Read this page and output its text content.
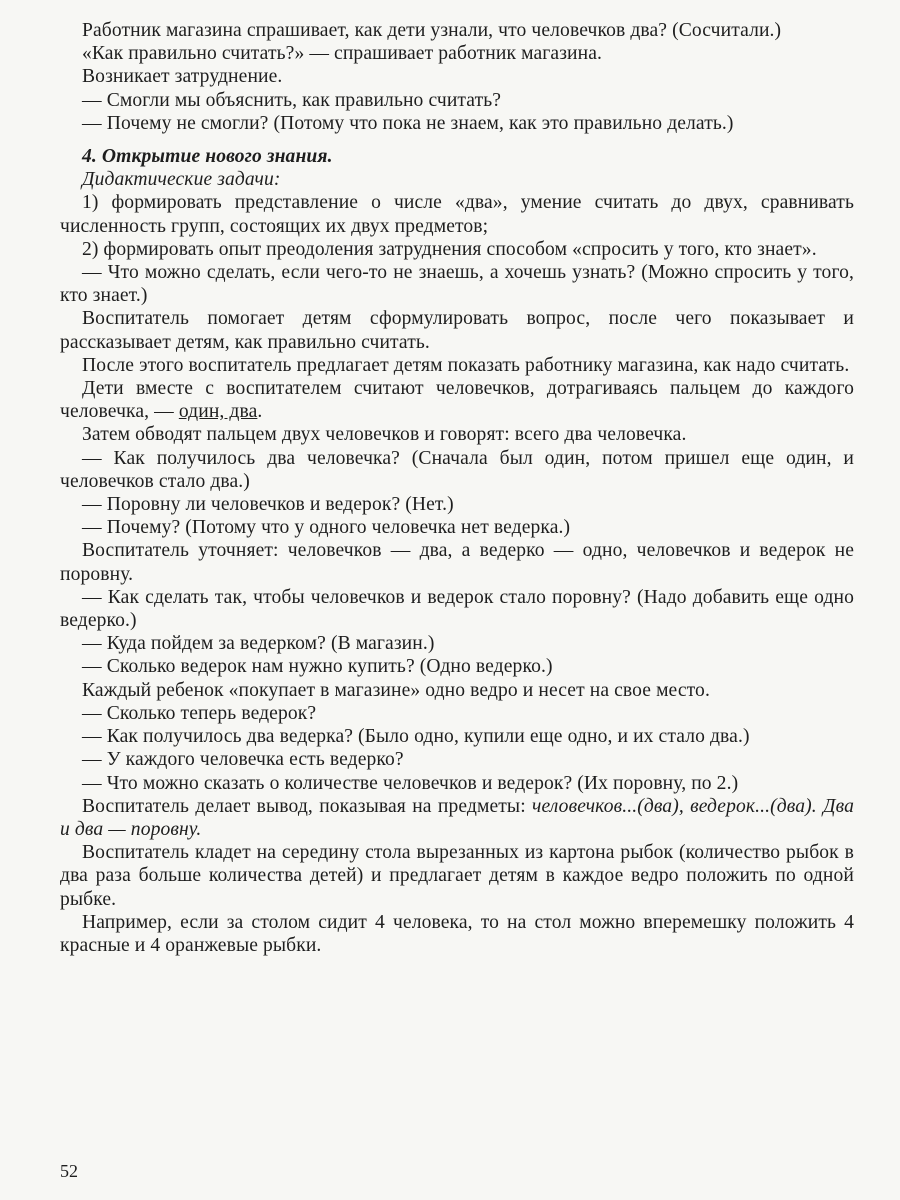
Работник магазина спрашивает, как дети узнали, что человечков два? (Сосчитали.)

«Как правильно считать?» — спрашивает работник магазина.

Возникает затруднение.

— Смогли мы объяснить, как правильно считать?

— Почему не смогли? (Потому что пока не знаем, как это правильно делать.)

4. Открытие нового знания.

Дидактические задачи:

1) формировать представление о числе «два», умение считать до двух, сравнивать численность групп, состоящих их двух предметов;

2) формировать опыт преодоления затруднения способом «спросить у того, кто знает».

— Что можно сделать, если чего-то не знаешь, а хочешь узнать? (Можно спросить у того, кто знает.)

Воспитатель помогает детям сформулировать вопрос, после чего показывает и рассказывает детям, как правильно считать.

После этого воспитатель предлагает детям показать работнику магазина, как надо считать.

Дети вместе с воспитателем считают человечков, дотрагиваясь пальцем до каждого человечка, — один, два.

Затем обводят пальцем двух человечков и говорят: всего два человечка.

— Как получилось два человечка? (Сначала был один, потом пришел еще один, и человечков стало два.)

— Поровну ли человечков и ведерок? (Нет.)

— Почему? (Потому что у одного человечка нет ведерка.)

Воспитатель уточняет: человечков — два, а ведерко — одно, человечков и ведерок не поровну.

— Как сделать так, чтобы человечков и ведерок стало поровну? (Надо добавить еще одно ведерко.)

— Куда пойдем за ведерком? (В магазин.)

— Сколько ведерок нам нужно купить? (Одно ведерко.)

Каждый ребенок «покупает в магазине» одно ведро и несет на свое место.

— Сколько теперь ведерок?

— Как получилось два ведерка? (Было одно, купили еще одно, и их стало два.)

— У каждого человечка есть ведерко?

— Что можно сказать о количестве человечков и ведерок? (Их поровну, по 2.)

Воспитатель делает вывод, показывая на предметы: человечков...(два), ведерок...(два). Два и два — поровну.

Воспитатель кладет на середину стола вырезанных из картона рыбок (количество рыбок в два раза больше количества детей) и предлагает детям в каждое ведро положить по одной рыбке.

Например, если за столом сидит 4 человека, то на стол можно вперемешку положить 4 красные и 4 оранжевые рыбки.

52
